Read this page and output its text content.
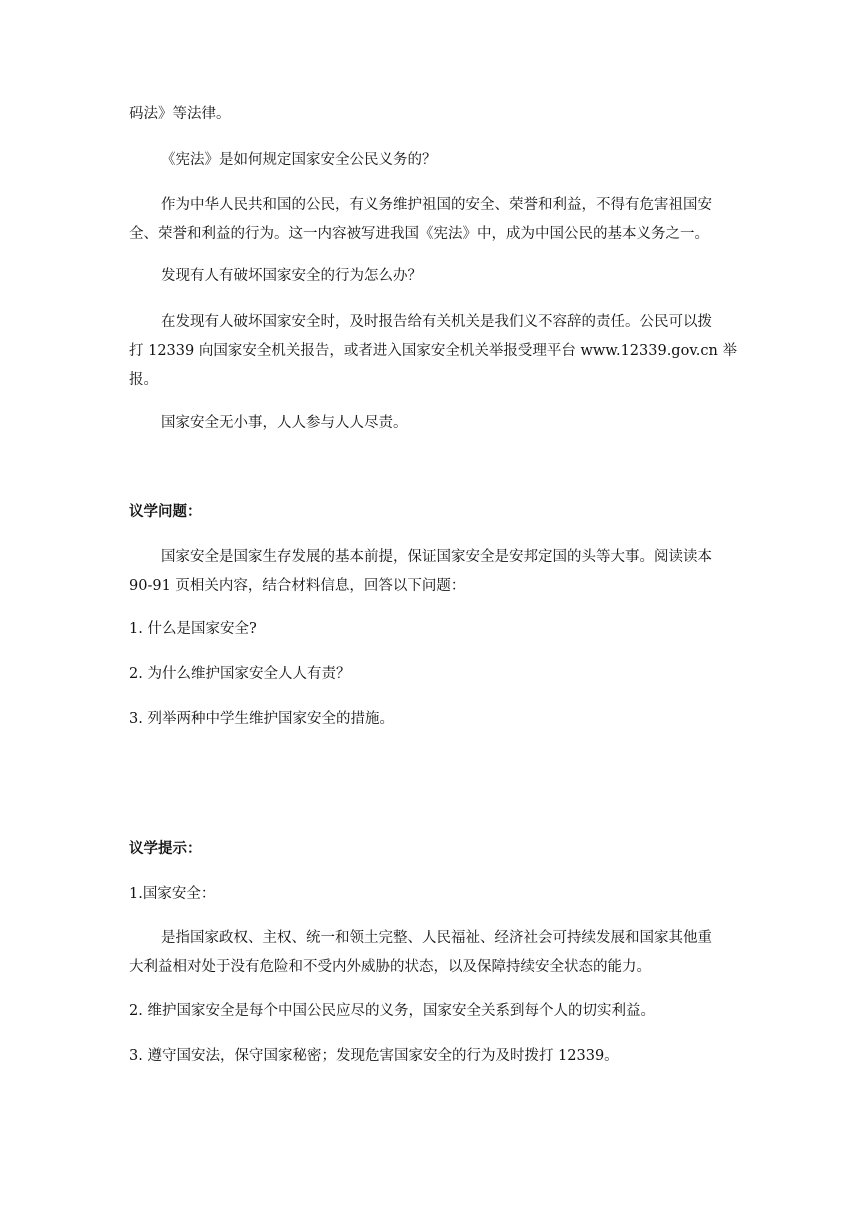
码法》等法律。

《宪法》是如何规定国家安全公民义务的？

作为中华人民共和国的公民，有义务维护祖国的安全、荣誉和利益，不得有危害祖国安
全、荣誉和利益的行为。这一内容被写进我国《宪法》中，成为中国公民的基本义务之一。

发现有人有破坏国家安全的行为怎么办？

在发现有人破坏国家安全时，及时报告给有关机关是我们义不容辞的责任。公民可以拨
打 12339 向国家安全机关报告，或者进入国家安全机关举报受理平台 www.12339.gov.cn 举
报。

国家安全无小事，人人参与人人尽责。

议学问题：

国家安全是国家生存发展的基本前提，保证国家安全是安邦定国的头等大事。阅读读本
90-91 页相关内容，结合材料信息，回答以下问题：

1. 什么是国家安全?

2. 为什么维护国家安全人人有责？

3. 列举两种中学生维护国家安全的措施。

议学提示：

1.国家安全：

是指国家政权、主权、统一和领土完整、人民福祉、经济社会可持续发展和国家其他重
大利益相对处于没有危险和不受内外威胁的状态，以及保障持续安全状态的能力。

2. 维护国家安全是每个中国公民应尽的义务，国家安全关系到每个人的切实利益。

3. 遵守国安法，保守国家秘密；发现危害国家安全的行为及时拨打 12339。
